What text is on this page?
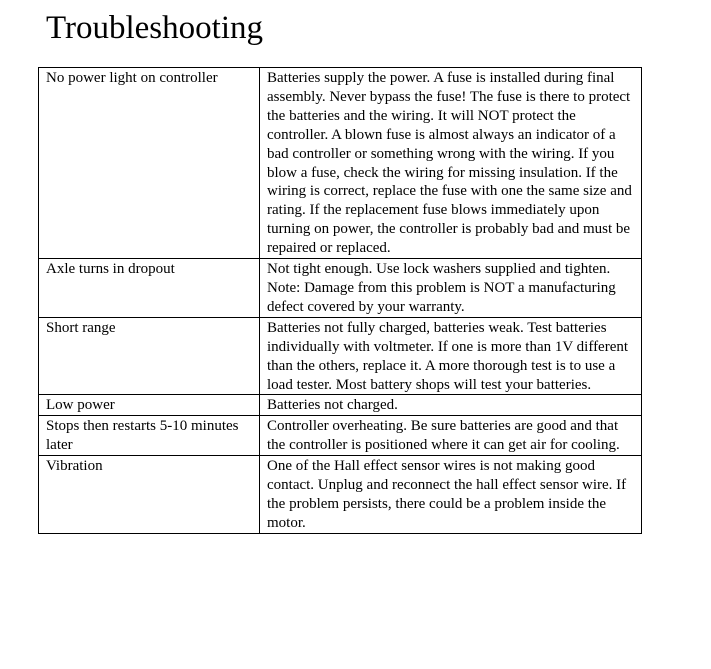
Troubleshooting
No power light on controller	Batteries supply the power. A fuse is installed during final assembly. Never bypass the fuse! The fuse is there to protect the batteries and the wiring. It will NOT protect the controller. A blown fuse is almost always an indicator of a bad controller or something wrong with the wiring. If you blow a fuse, check the wiring for missing insulation. If the wiring is correct, replace the fuse with one the same size and rating. If the replacement fuse blows immediately upon turning on power, the controller is probably bad and must be repaired or replaced.
Axle turns in dropout	Not tight enough. Use lock washers supplied and tighten. Note: Damage from this problem is NOT a manufacturing defect covered by your warranty.
Short range	Batteries not fully charged, batteries weak. Test batteries individually with voltmeter. If one is more than 1V different than the others, replace it. A more thorough test is to use a load tester. Most battery shops will test your batteries.
Low power	Batteries not charged.
Stops then restarts 5-10 minutes later	Controller overheating. Be sure batteries are good and that the controller is positioned where it can get air for cooling.
Vibration	One of the Hall effect sensor wires is not making good contact. Unplug and reconnect the hall effect sensor wire. If the problem persists, there could be a problem inside the motor.
